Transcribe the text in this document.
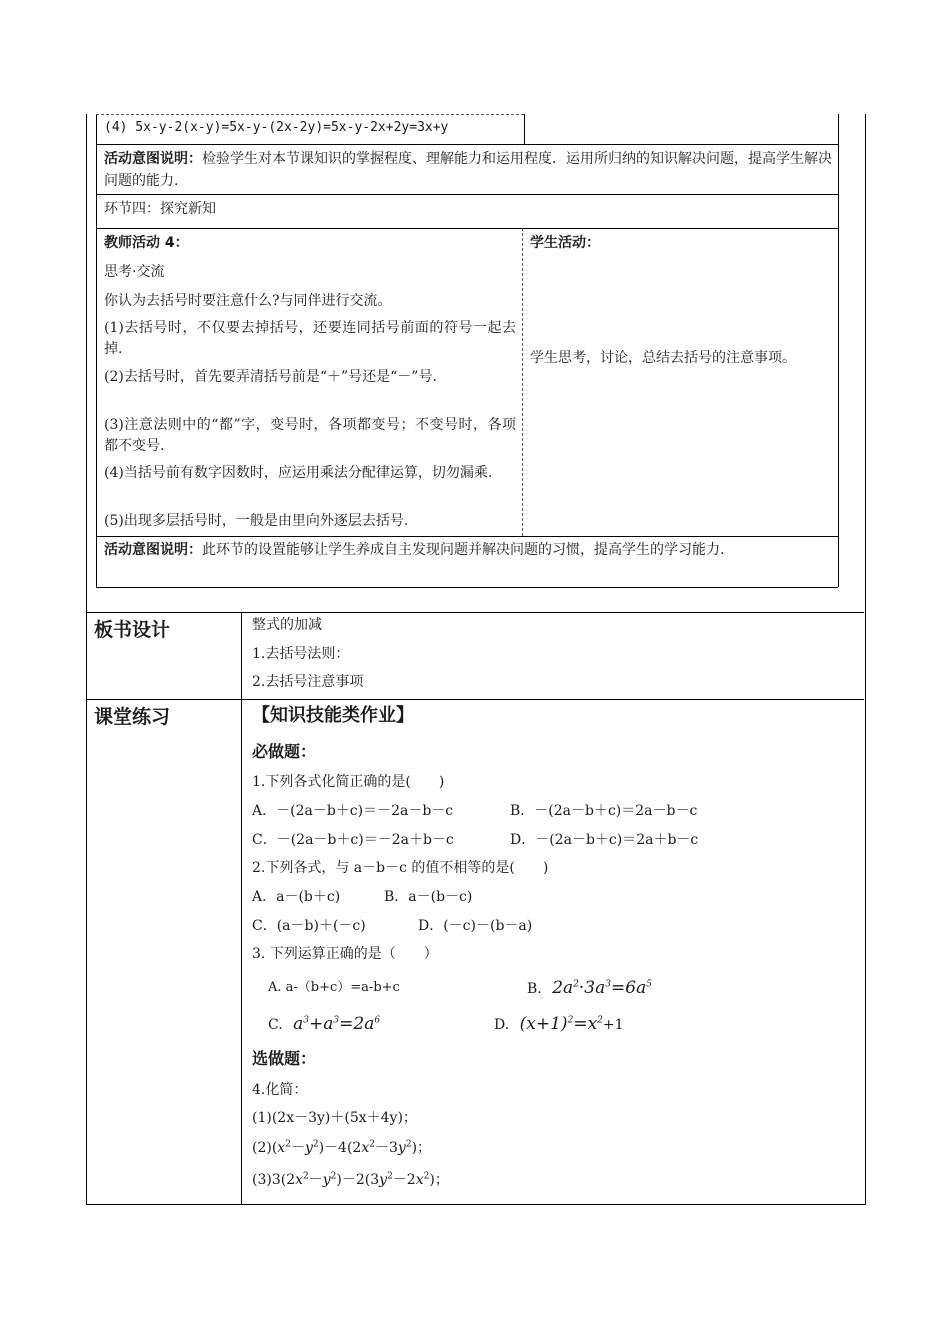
(4) 5x-y-2(x-y)=5x-y-(2x-2y)=5x-y-2x+2y=3x+y
活动意图说明：检验学生对本节课知识的掌握程度、理解能力和运用程度．运用所归纳的知识解决问题，提高学生解决问题的能力.
环节四：探究新知
教师活动 4：	学生活动：
思考·交流
你认为去括号时要注意什么?与同伴进行交流。
(1)去括号时，不仅要去掉括号，还要连同括号前面的符号一起去掉.
(2)去括号时，首先要弄清括号前是“＋”号还是“－”号.
(3)注意法则中的“都”字，变号时，各项都变号；不变号时，各项都不变号.
(4)当括号前有数字因数时，应运用乘法分配律运算，切勿漏乘.
(5)出现多层括号时，一般是由里向外逐层去括号.
学生思考，讨论，总结去括号的注意事项。
活动意图说明：此环节的设置能够让学生养成自主发现问题并解决问题的习惯，提高学生的学习能力.
板书设计	整式的加减
1.去括号法则：
2.去括号注意事项
课堂练习	【知识技能类作业】
必做题：
1.下列各式化简正确的是(　　)
A．－(2a－b＋c)＝－2a－b－c	B．－(2a－b＋c)＝2a－b－c
C．－(2a－b＋c)＝－2a＋b－c	D．－(2a－b＋c)＝2a＋b－c
2.下列各式，与 a－b－c 的值不相等的是(　　)
A．a－(b＋c)	B．a－(b－c)
C．(a－b)＋(－c)	D．(－c)－(b－a)
3. 下列运算正确的是（　　）
A. a-（b+c）=a-b+c	B. $2a^2\cdot 3a^3=6a^5$
C. $a^3+a^3=2a^6$	D. $(x+1)^2=x^2+1$
选做题：
4.化简：
(1)(2x－3y)＋(5x＋4y)；
$(2)(x^2-y^2)-4(2x^2-3y^2)$；
$(3)3(2x^2-y^2)-2(3y^2-2x^2)$；
